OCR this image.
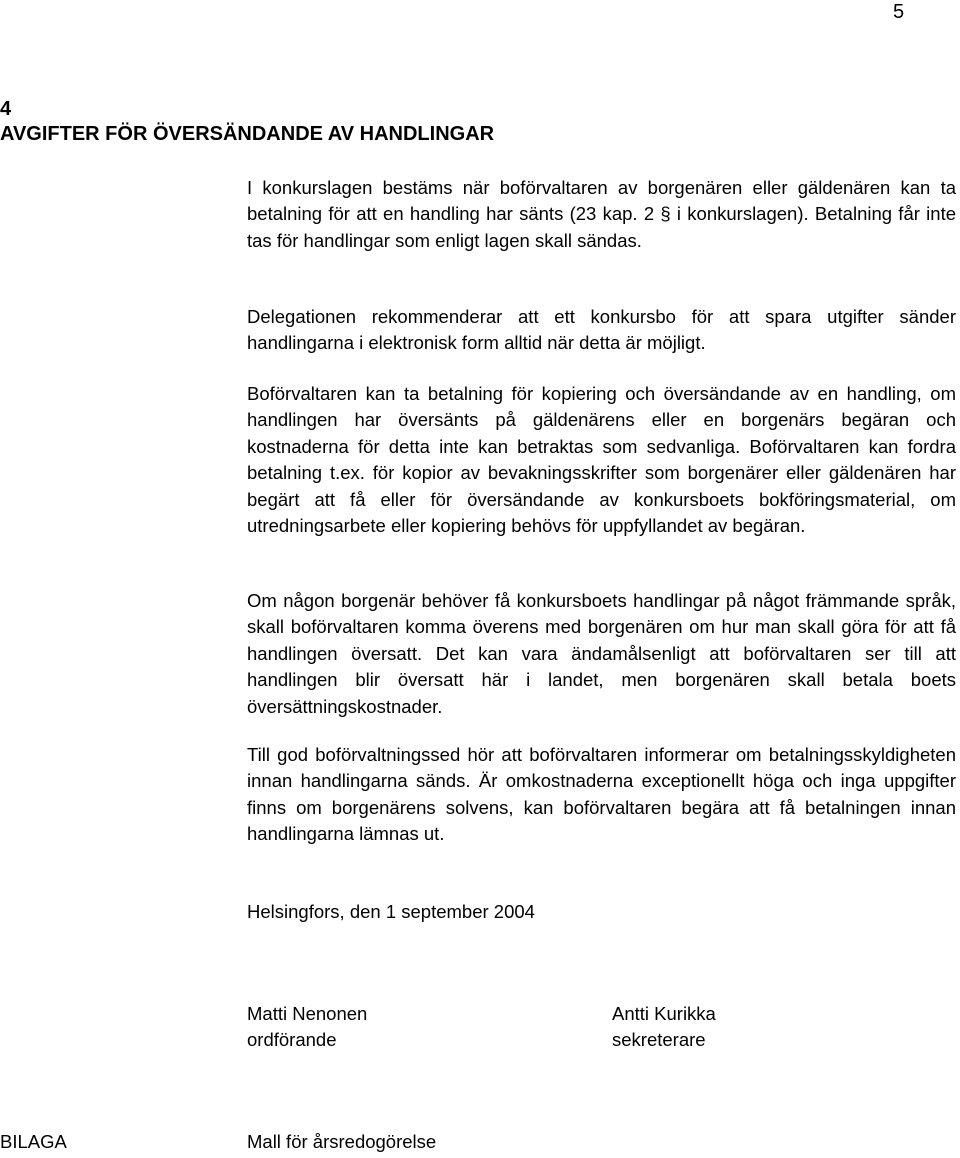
5
4
AVGIFTER FÖR ÖVERSÄNDANDE AV HANDLINGAR

I konkurslagen bestäms när boförvaltaren av borgenären eller gäldenären kan ta betalning för att en handling har sänts (23 kap. 2 § i konkurslagen). Betalning får inte tas för handlingar som enligt lagen skall sändas.

Delegationen rekommenderar att ett konkursbo för att spara utgifter sänder handlingarna i elektronisk form alltid när detta är möjligt.

Boförvaltaren kan ta betalning för kopiering och översändande av en handling, om handlingen har översänts på gäldenärens eller en borgenärs begäran och kostnaderna för detta inte kan betraktas som sedvanliga. Boförvaltaren kan fordra betalning t.ex. för kopior av bevakningsskrifter som borgenärer eller gäldenären har begärt att få eller för översändande av konkursboets bokföringsmaterial, om utredningsarbete eller kopiering behövs för uppfyllandet av begäran.

Om någon borgenär behöver få konkursboets handlingar på något främmande språk, skall boförvaltaren komma överens med borgenären om hur man skall göra för att få handlingen översatt. Det kan vara ändamålsenligt att boförvaltaren ser till att handlingen blir översatt här i landet, men borgenären skall betala boets översättningskostnader.

Till god boförvaltningssed hör att boförvaltaren informerar om betalningsskyldigheten innan handlingarna sänds. Är omkostnaderna exceptionellt höga och inga uppgifter finns om borgenärens solvens, kan boförvaltaren begära att få betalningen innan handlingarna lämnas ut.

Helsingfors, den 1 september 2004
Matti Nenonen
ordförande
Antti Kurikka
sekreterare
BILAGA	Mall för årsredogörelse
